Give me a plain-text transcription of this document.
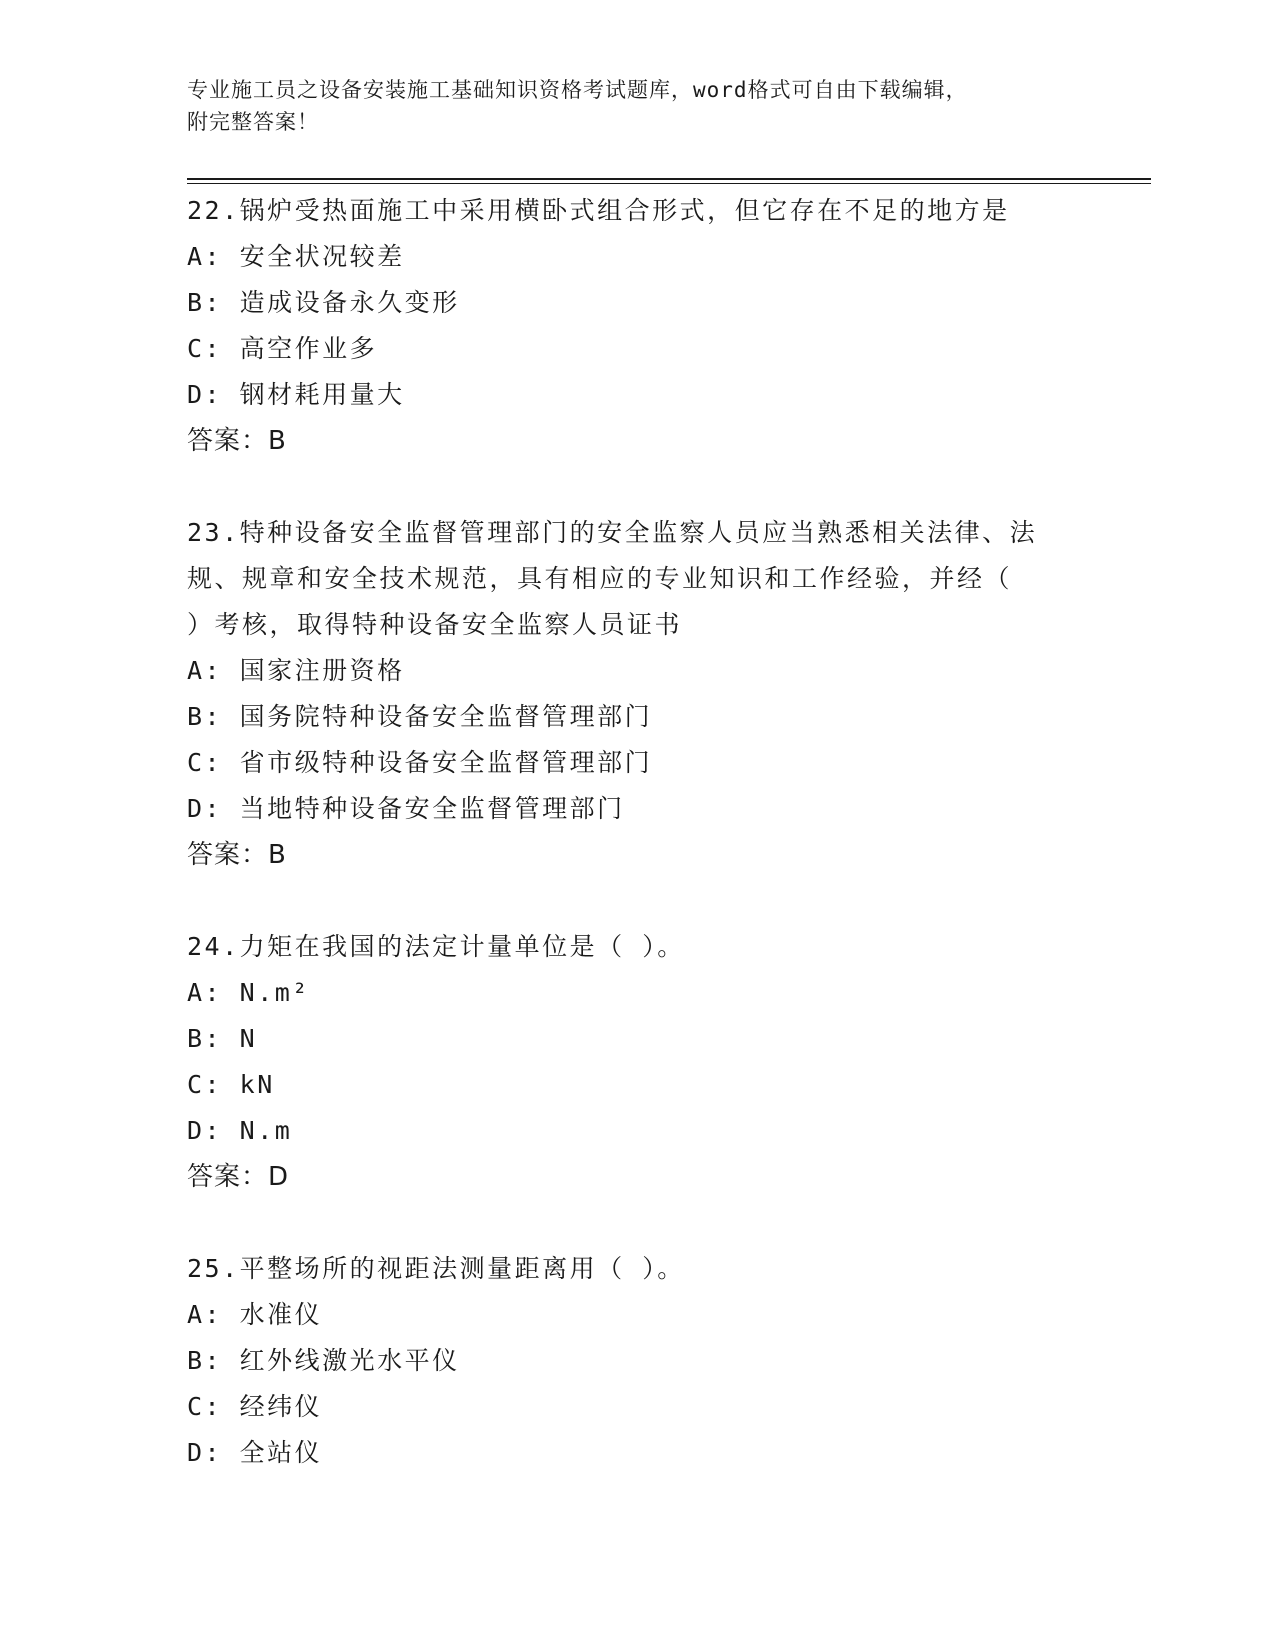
专业施工员之设备安装施工基础知识资格考试题库，word格式可自由下载编辑，
附完整答案！

22.锅炉受热面施工中采用横卧式组合形式，但它存在不足的地方是

A: 安全状况较差

B: 造成设备永久变形

C: 高空作业多

D: 钢材耗用量大

答案：B

23.特种设备安全监督管理部门的安全监察人员应当熟悉相关法律、法

规、规章和安全技术规范，具有相应的专业知识和工作经验，并经（

）考核，取得特种设备安全监察人员证书

A: 国家注册资格

B: 国务院特种设备安全监督管理部门

C: 省市级特种设备安全监督管理部门

D: 当地特种设备安全监督管理部门

答案：B

24.力矩在我国的法定计量单位是（ ）。

A: N.m²

B: N

C: kN

D: N.m

答案：D

25.平整场所的视距法测量距离用（ ）。

A: 水准仪

B: 红外线激光水平仪

C: 经纬仪

D: 全站仪
